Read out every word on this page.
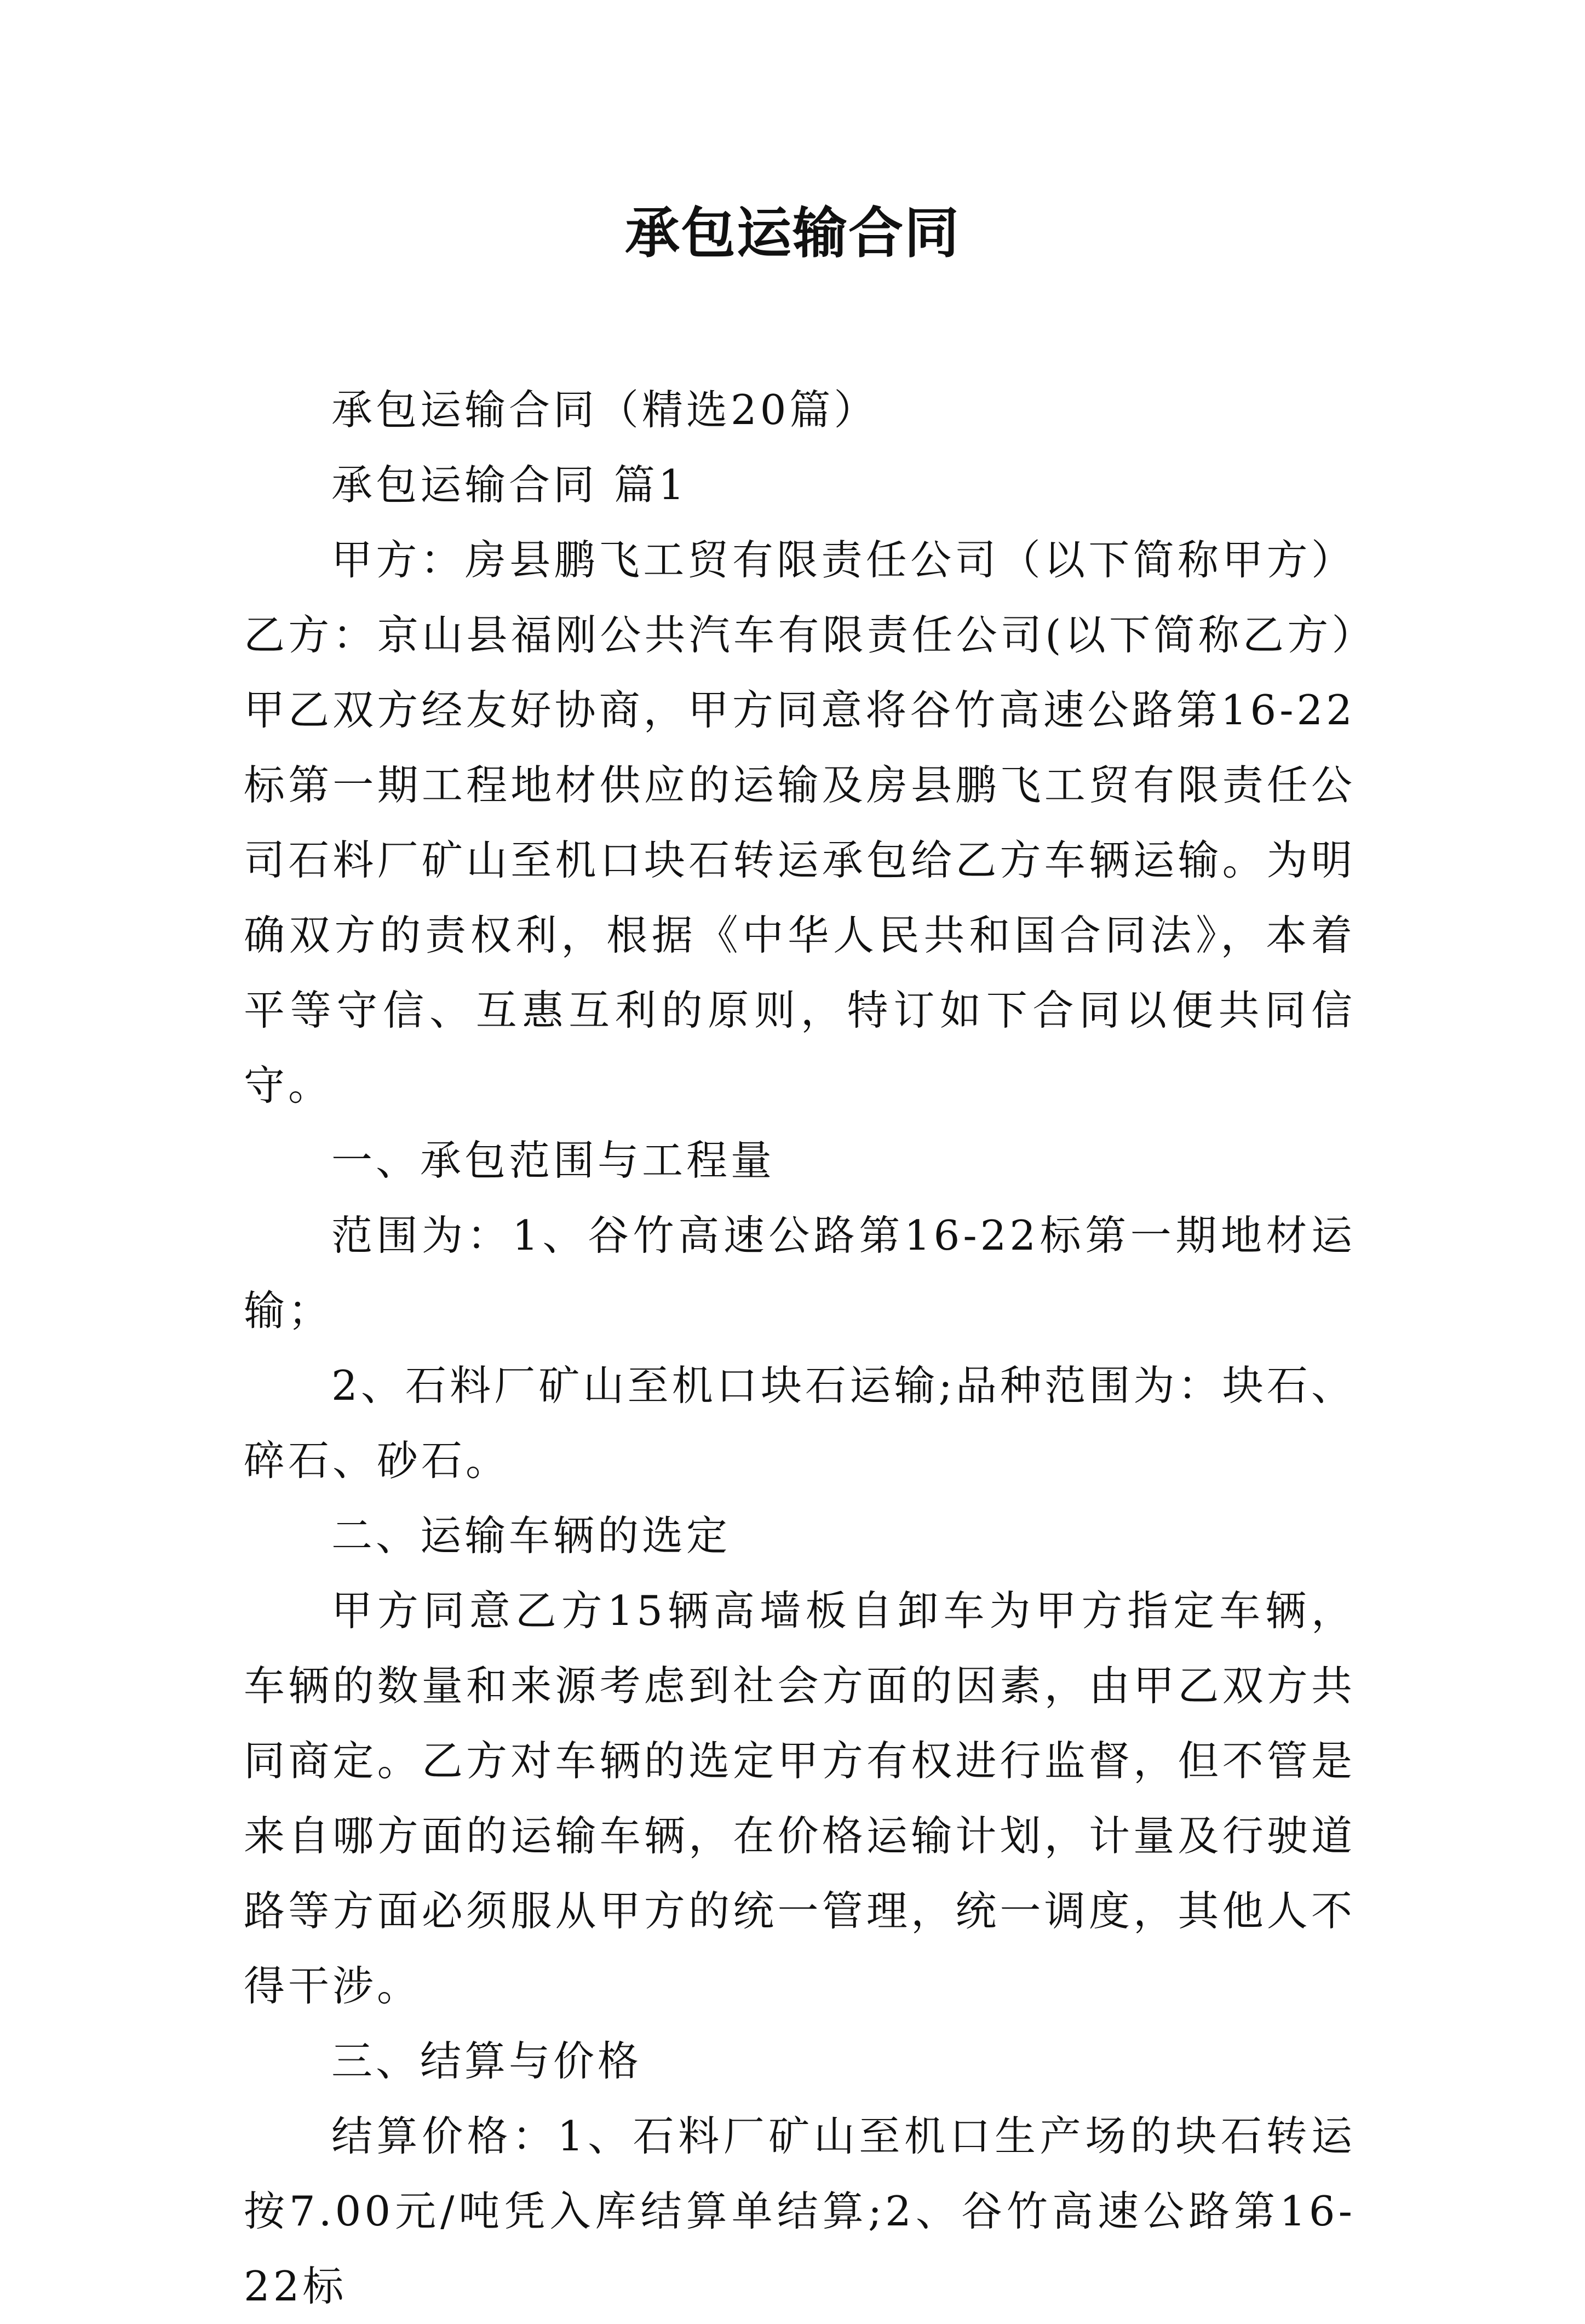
承包运输合同

承包运输合同（精选20篇）

承包运输合同 篇1

甲方：房县鹏飞工贸有限责任公司（以下简称甲方）乙方：京山县福刚公共汽车有限责任公司(以下简称乙方）甲乙双方经友好协商，甲方同意将谷竹高速公路第16-22标第一期工程地材供应的运输及房县鹏飞工贸有限责任公司石料厂矿山至机口块石转运承包给乙方车辆运输。为明确双方的责权利，根据《中华人民共和国合同法》，本着平等守信、互惠互利的原则，特订如下合同以便共同信守。

一、承包范围与工程量

范围为：1、谷竹高速公路第16-22标第一期地材运输；

2、石料厂矿山至机口块石运输;品种范围为：块石、碎石、砂石。

二、运输车辆的选定

甲方同意乙方15辆高墙板自卸车为甲方指定车辆，车辆的数量和来源考虑到社会方面的因素，由甲乙双方共同商定。乙方对车辆的选定甲方有权进行监督，但不管是来自哪方面的运输车辆，在价格运输计划，计量及行驶道路等方面必须服从甲方的统一管理，统一调度，其他人不得干涉。

三、结算与价格

结算价格：1、石料厂矿山至机口生产场的块石转运按7.00元/吨凭入库结算单结算;2、谷竹高速公路第16-22标
